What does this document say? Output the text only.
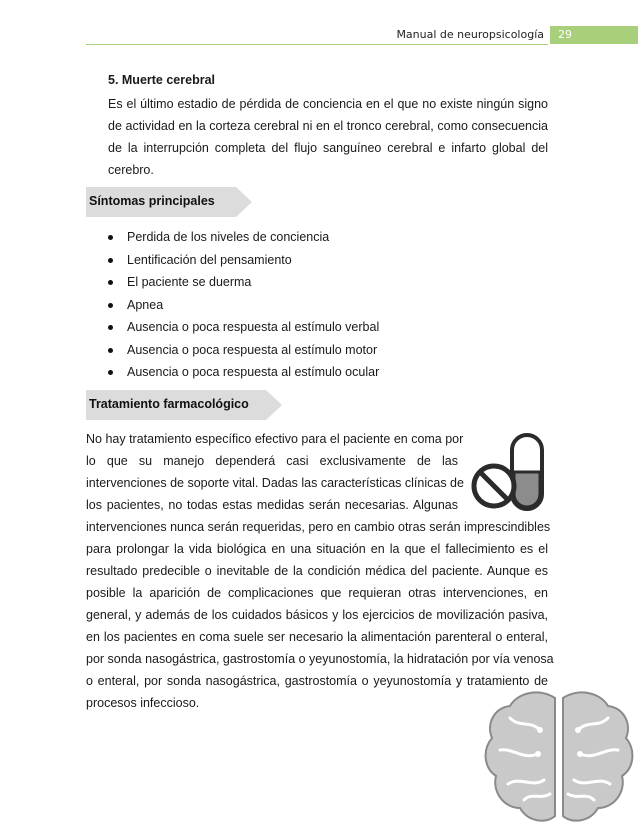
Manual de neuropsicología	29
5. Muerte cerebral
Es el último estadio de pérdida de conciencia en el que no existe ningún signo
de actividad en la corteza cerebral ni en el tronco cerebral, como consecuencia
de la interrupción completa del flujo sanguíneo cerebral e infarto global del
cerebro.
Síntomas principales
Perdida de los niveles de conciencia
Lentificación del pensamiento
El paciente se duerma
Apnea
Ausencia o poca respuesta al estímulo verbal
Ausencia o poca respuesta al estímulo motor
Ausencia o poca respuesta al estímulo ocular
Tratamiento farmacológico
No hay tratamiento específico efectivo para el paciente en coma por
lo que su manejo dependerá casi exclusivamente de las
intervenciones de soporte vital. Dadas las características clínicas de
los pacientes, no todas estas medidas serán necesarias. Algunas
intervenciones nunca serán requeridas, pero en cambio otras serán imprescindibles
para prolongar la vida biológica en una situación en la que el fallecimiento es el
resultado predecible o inevitable de la condición médica del paciente. Aunque es
posible la aparición de complicaciones que requieran otras intervenciones, en
general, y además de los cuidados básicos y los ejercicios de movilización pasiva,
en los pacientes en coma suele ser necesario la alimentación parenteral o enteral,
por sonda nasogástrica, gastrostomía o yeyunostomía, la hidratación por vía venosa
o enteral, por sonda nasogástrica, gastrostomía o yeyunostomía y tratamiento de
procesos infeccioso.
